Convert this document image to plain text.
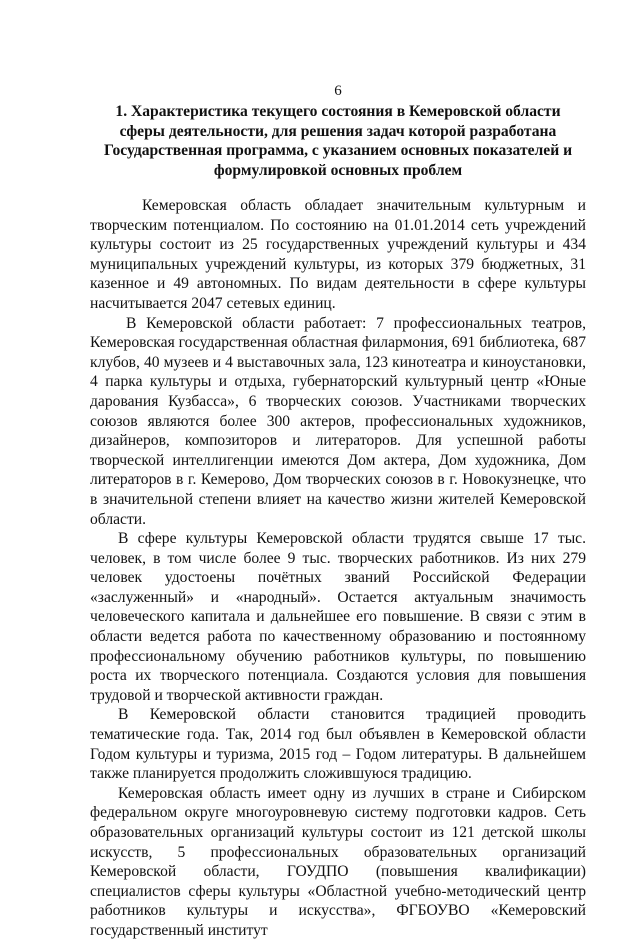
6
1. Характеристика текущего состояния в Кемеровской области сферы деятельности, для решения задач которой разработана Государственная программа, с указанием основных показателей и формулировкой основных проблем

Кемеровская область обладает значительным культурным и творческим потенциалом. По состоянию на 01.01.2014 сеть учреждений культуры состоит из 25 государственных учреждений культуры и 434 муниципальных учреждений культуры, из которых 379 бюджетных, 31 казенное и 49 автономных. По видам деятельности в сфере культуры насчитывается 2047 сетевых единиц.

В Кемеровской области работает: 7 профессиональных театров, Кемеровская государственная областная филармония, 691 библиотека, 687 клубов, 40 музеев и 4 выставочных зала, 123 кинотеатра и киноустановки, 4 парка культуры и отдыха, губернаторский культурный центр «Юные дарования Кузбасса», 6 творческих союзов. Участниками творческих союзов являются более 300 актеров, профессиональных художников, дизайнеров, композиторов и литераторов. Для успешной работы творческой интеллигенции имеются Дом актера, Дом художника, Дом литераторов в г. Кемерово, Дом творческих союзов в г. Новокузнецке, что в значительной степени влияет на качество жизни жителей Кемеровской области.

В сфере культуры Кемеровской области трудятся свыше 17 тыс. человек, в том числе более 9 тыс. творческих работников. Из них 279 человек удостоены почётных званий Российской Федерации «заслуженный» и «народный». Остается актуальным значимость человеческого капитала и дальнейшее его повышение. В связи с этим в области ведется работа по качественному образованию и постоянному профессиональному обучению работников культуры, по повышению роста их творческого потенциала. Создаются условия для повышения трудовой и творческой активности граждан.

В Кемеровской области становится традицией проводить тематические года. Так, 2014 год был объявлен в Кемеровской области Годом культуры и туризма, 2015 год – Годом литературы. В дальнейшем также планируется продолжить сложившуюся традицию.

Кемеровская область имеет одну из лучших в стране и Сибирском федеральном округе многоуровневую систему подготовки кадров. Сеть образовательных организаций культуры состоит из 121 детской школы искусств, 5 профессиональных образовательных организаций Кемеровской области, ГОУДПО (повышения квалификации) специалистов сферы культуры «Областной учебно-методический центр работников культуры и искусства», ФГБОУВО «Кемеровский государственный институт
